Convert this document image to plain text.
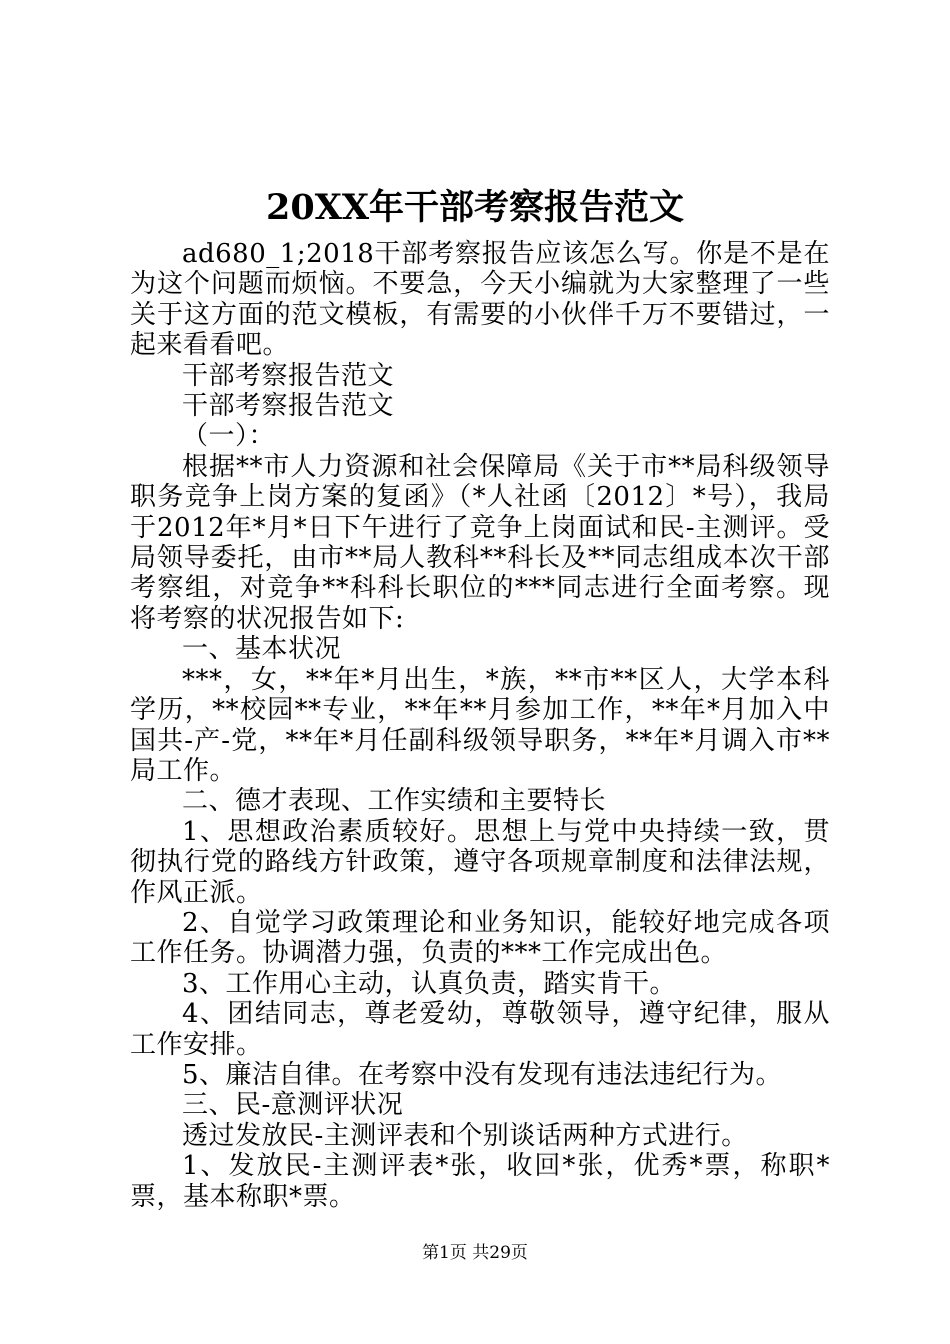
20XX年干部考察报告范文

ad680_1;2018干部考察报告应该怎么写。你是不是在为这个问题而烦恼。不要急，今天小编就为大家整理了一些关于这方面的范文模板，有需要的小伙伴千万不要错过，一起来看看吧。

干部考察报告范文

干部考察报告范文

（一）：

根据**市人力资源和社会保障局《关于市**局科级领导职务竞争上岗方案的复函》（*人社函〔2012〕*号），我局于2012年*月*日下午进行了竞争上岗面试和民-主测评。受局领导委托，由市**局人教科**科长及**同志组成本次干部考察组，对竞争**科科长职位的***同志进行全面考察。现将考察的状况报告如下:

一、基本状况

***，女，**年*月出生，*族，**市**区人，大学本科学历，**校园**专业，**年**月参加工作，**年*月加入中国共-产-党，**年*月任副科级领导职务，**年*月调入市**局工作。

二、德才表现、工作实绩和主要特长

1、思想政治素质较好。思想上与党中央持续一致，贯彻执行党的路线方针政策，遵守各项规章制度和法律法规，作风正派。

2、自觉学习政策理论和业务知识，能较好地完成各项工作任务。协调潜力强，负责的***工作完成出色。

3、工作用心主动，认真负责，踏实肯干。

4、团结同志，尊老爱幼，尊敬领导，遵守纪律，服从工作安排。

5、廉洁自律。在考察中没有发现有违法违纪行为。

三、民-意测评状况

透过发放民-主测评表和个别谈话两种方式进行。

1、发放民-主测评表*张，收回*张，优秀*票，称职*票，基本称职*票。

第1页 共29页
